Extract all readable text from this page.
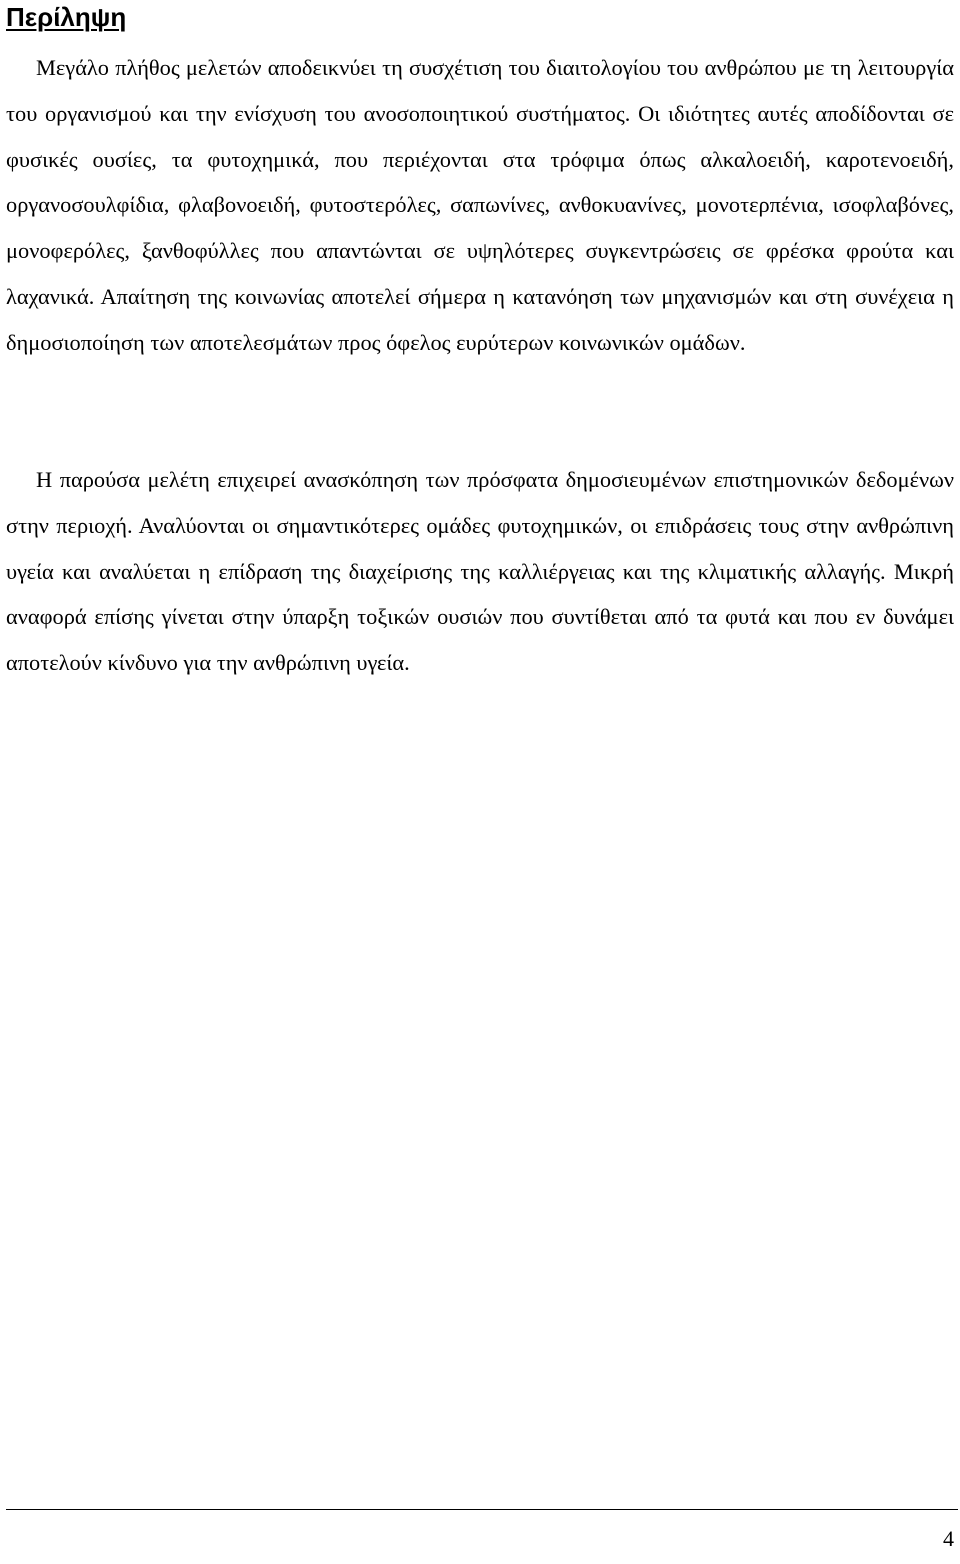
Περίληψη

Μεγάλο πλήθος μελετών αποδεικνύει τη συσχέτιση του διαιτολογίου του ανθρώπου με τη λειτουργία του οργανισμού και την ενίσχυση του ανοσοποιητικού συστήματος. Οι ιδιότητες αυτές αποδίδονται σε φυσικές ουσίες, τα φυτοχημικά, που περιέχονται στα τρόφιμα όπως αλκαλοειδή, καροτενοειδή, οργανοσουλφίδια, φλαβονοειδή, φυτοστερόλες, σαπωνίνες, ανθοκυανίνες, μονοτερπένια, ισοφλαβόνες, μονοφερόλες, ξανθοφύλλες που απαντώνται σε υψηλότερες συγκεντρώσεις σε φρέσκα φρούτα και λαχανικά. Απαίτηση της κοινωνίας αποτελεί σήμερα η κατανόηση των μηχανισμών και στη συνέχεια η δημοσιοποίηση των αποτελεσμάτων προς όφελος ευρύτερων κοινωνικών ομάδων.

Η παρούσα μελέτη επιχειρεί ανασκόπηση των πρόσφατα δημοσιευμένων επιστημονικών δεδομένων στην περιοχή. Αναλύονται οι σημαντικότερες ομάδες φυτοχημικών, οι επιδράσεις τους στην ανθρώπινη υγεία και αναλύεται η επίδραση της διαχείρισης της καλλιέργειας και της κλιματικής αλλαγής. Μικρή αναφορά επίσης γίνεται στην ύπαρξη τοξικών ουσιών που συντίθεται από τα φυτά και που εν δυνάμει αποτελούν κίνδυνο για την ανθρώπινη υγεία.

4
